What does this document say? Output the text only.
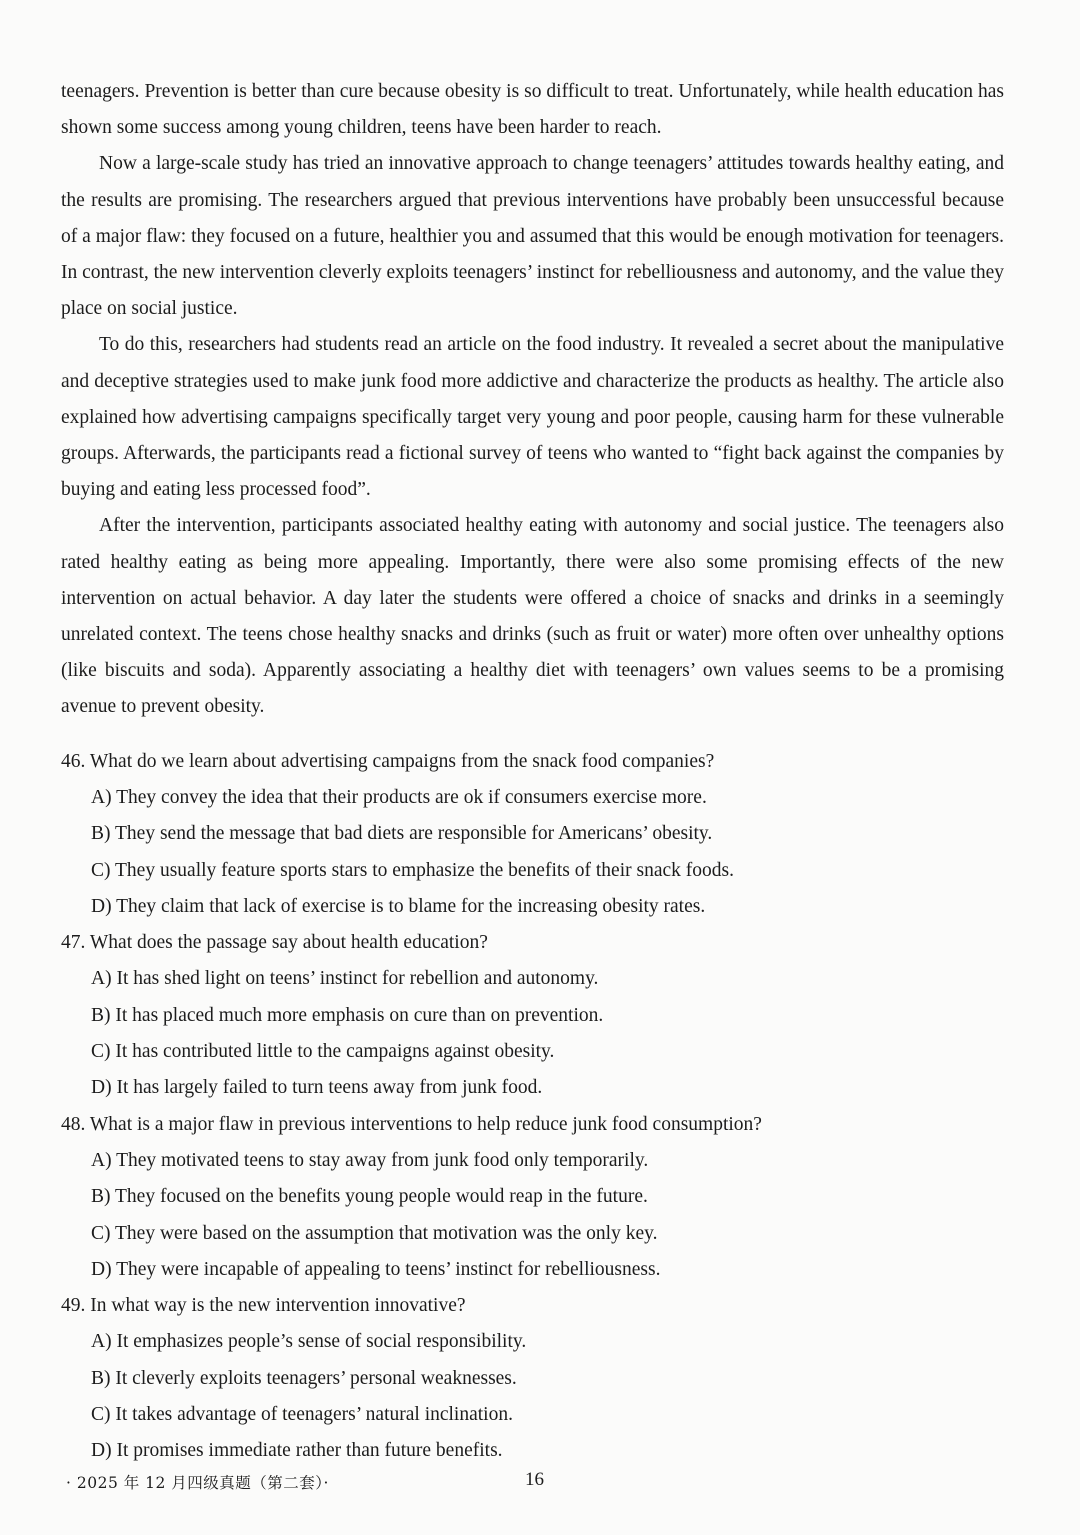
teenagers. Prevention is better than cure because obesity is so difficult to treat. Unfortunately, while health education has shown some success among young children, teens have been harder to reach.

Now a large-scale study has tried an innovative approach to change teenagers’ attitudes towards healthy eating, and the results are promising. The researchers argued that previous interventions have probably been unsuccessful because of a major flaw: they focused on a future, healthier you and assumed that this would be enough motivation for teenagers. In contrast, the new intervention cleverly exploits teenagers’ instinct for rebelliousness and autonomy, and the value they place on social justice.

To do this, researchers had students read an article on the food industry. It revealed a secret about the manipulative and deceptive strategies used to make junk food more addictive and characterize the products as healthy. The article also explained how advertising campaigns specifically target very young and poor people, causing harm for these vulnerable groups. Afterwards, the participants read a fictional survey of teens who wanted to “fight back against the companies by buying and eating less processed food”.

After the intervention, participants associated healthy eating with autonomy and social justice. The teenagers also rated healthy eating as being more appealing. Importantly, there were also some promising effects of the new intervention on actual behavior. A day later the students were offered a choice of snacks and drinks in a seemingly unrelated context. The teens chose healthy snacks and drinks (such as fruit or water) more often over unhealthy options (like biscuits and soda). Apparently associating a healthy diet with teenagers’ own values seems to be a promising avenue to prevent obesity.

46. What do we learn about advertising campaigns from the snack food companies?

A) They convey the idea that their products are ok if consumers exercise more.

B) They send the message that bad diets are responsible for Americans’ obesity.

C) They usually feature sports stars to emphasize the benefits of their snack foods.

D) They claim that lack of exercise is to blame for the increasing obesity rates.

47. What does the passage say about health education?

A) It has shed light on teens’ instinct for rebellion and autonomy.

B) It has placed much more emphasis on cure than on prevention.

C) It has contributed little to the campaigns against obesity.

D) It has largely failed to turn teens away from junk food.

48. What is a major flaw in previous interventions to help reduce junk food consumption?

A) They motivated teens to stay away from junk food only temporarily.

B) They focused on the benefits young people would reap in the future.

C) They were based on the assumption that motivation was the only key.

D) They were incapable of appealing to teens’ instinct for rebelliousness.

49. In what way is the new intervention innovative?

A) It emphasizes people’s sense of social responsibility.

B) It cleverly exploits teenagers’ personal weaknesses.

C) It takes advantage of teenagers’ natural inclination.

D) It promises immediate rather than future benefits.

· 2025 年 12 月四级真题（第二套）·	16
